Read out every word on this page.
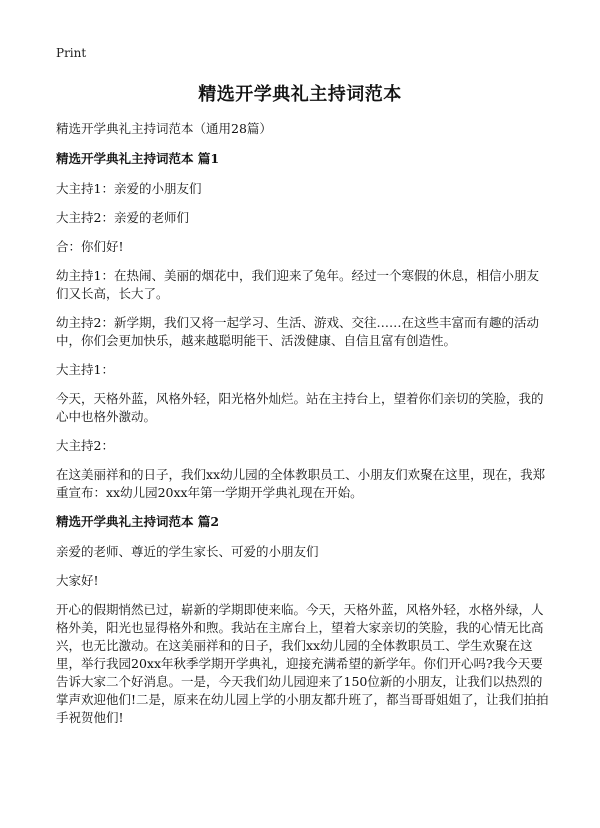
Print
精选开学典礼主持词范本

精选开学典礼主持词范本（通用28篇）

精选开学典礼主持词范本 篇1

大主持1：亲爱的小朋友们

大主持2：亲爱的老师们

合：你们好!

幼主持1：在热闹、美丽的烟花中，我们迎来了兔年。经过一个寒假的休息，相信小朋友们又长高，长大了。

幼主持2：新学期，我们又将一起学习、生活、游戏、交往……在这些丰富而有趣的活动中，你们会更加快乐，越来越聪明能干、活泼健康、自信且富有创造性。

大主持1：

今天，天格外蓝，风格外轻，阳光格外灿烂。站在主持台上，望着你们亲切的笑脸，我的心中也格外激动。

大主持2：

在这美丽祥和的日子，我们xx幼儿园的全体教职员工、小朋友们欢聚在这里，现在，我郑重宣布：xx幼儿园20xx年第一学期开学典礼现在开始。

精选开学典礼主持词范本 篇2

亲爱的老师、尊近的学生家长、可爱的小朋友们

大家好!

开心的假期悄然已过，崭新的学期即使来临。今天，天格外蓝，风格外轻，水格外绿，人格外美，阳光也显得格外和煦。我站在主席台上，望着大家亲切的笑脸，我的心情无比高兴，也无比激动。在这美丽祥和的日子，我们xx幼儿园的全体教职员工、学生欢聚在这里，举行我园20xx年秋季学期开学典礼，迎接充满希望的新学年。你们开心吗?我今天要告诉大家二个好消息。一是，今天我们幼儿园迎来了150位新的小朋友，让我们以热烈的掌声欢迎他们!二是，原来在幼儿园上学的小朋友都升班了，都当哥哥姐姐了，让我们拍拍手祝贺他们!
